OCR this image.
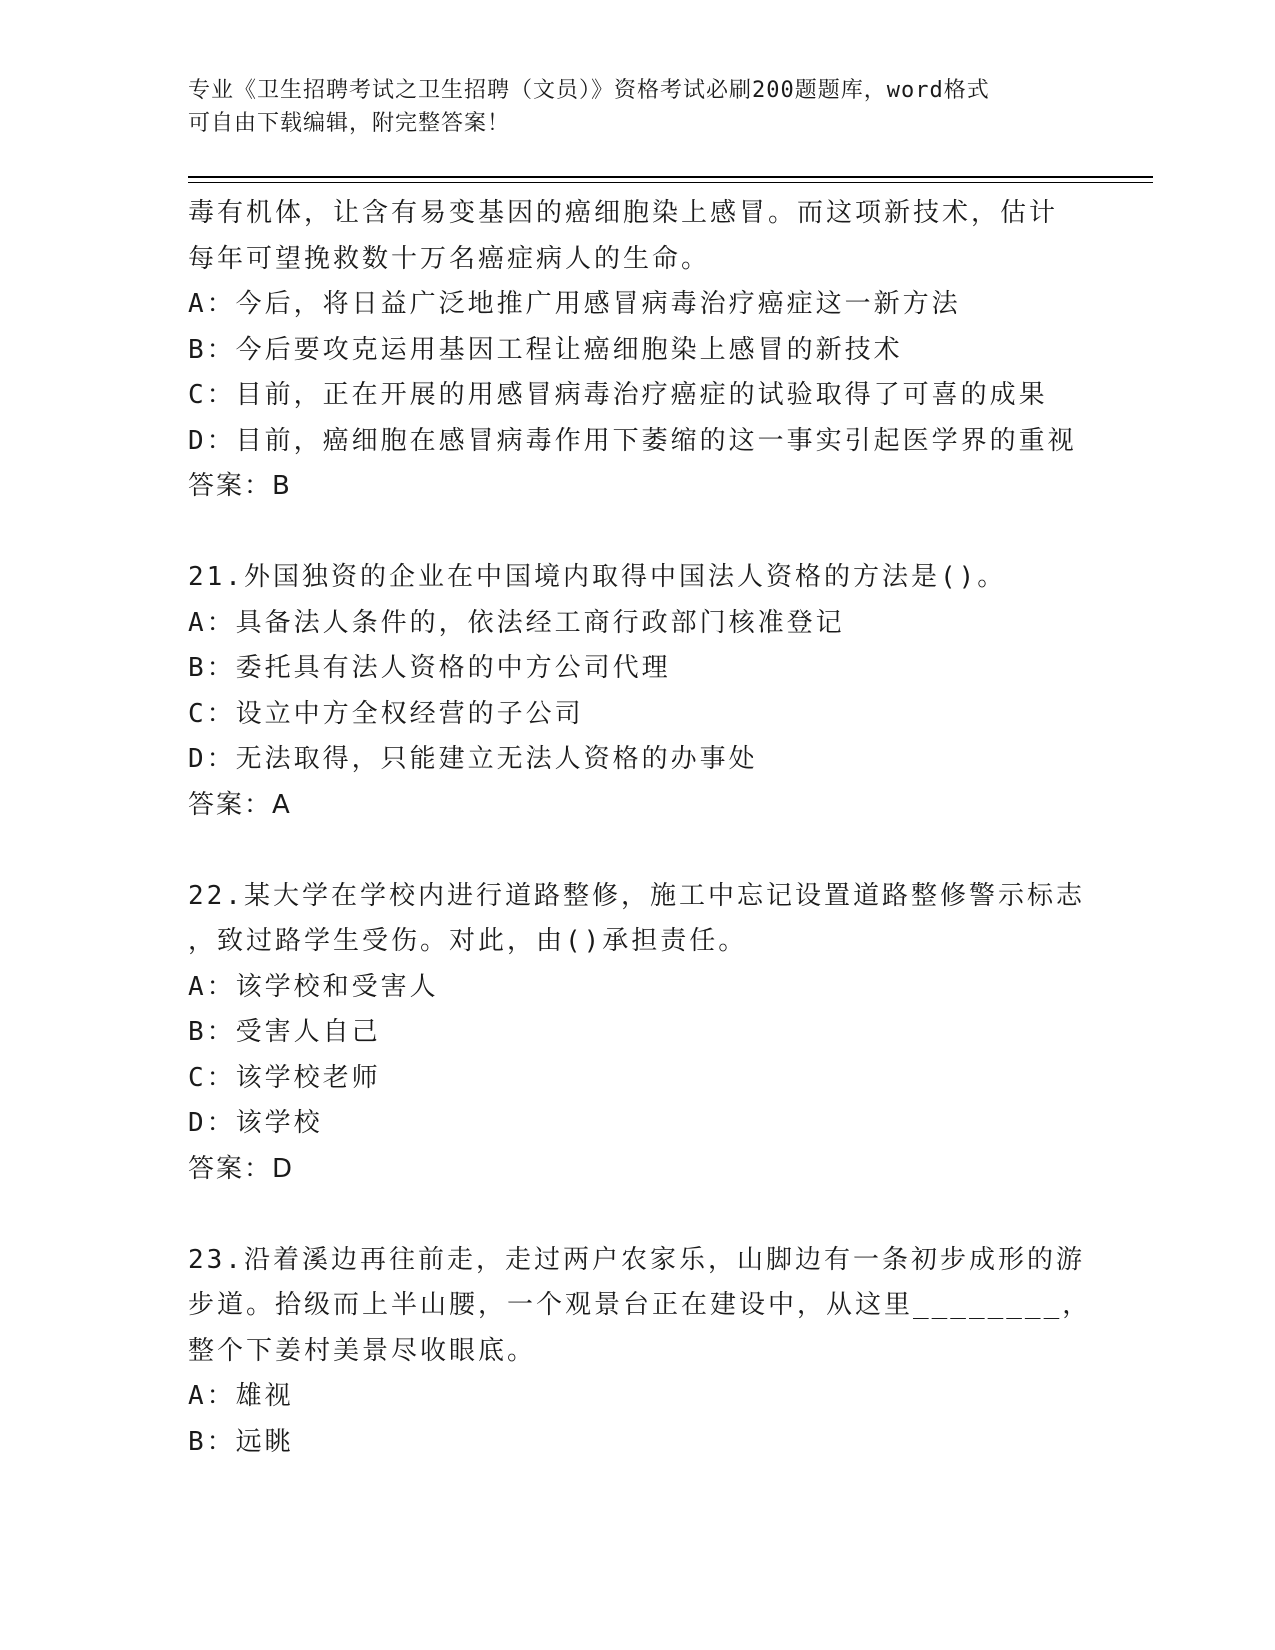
专业《卫生招聘考试之卫生招聘（文员）》资格考试必刷200题题库，word格式
可自由下载编辑，附完整答案！
毒有机体，让含有易变基因的癌细胞染上感冒。而这项新技术，估计
每年可望挽救数十万名癌症病人的生命。
A：今后，将日益广泛地推广用感冒病毒治疗癌症这一新方法
B：今后要攻克运用基因工程让癌细胞染上感冒的新技术
C：目前，正在开展的用感冒病毒治疗癌症的试验取得了可喜的成果
D：目前，癌细胞在感冒病毒作用下萎缩的这一事实引起医学界的重视
答案：B
21.外国独资的企业在中国境内取得中国法人资格的方法是()。
A：具备法人条件的，依法经工商行政部门核准登记
B：委托具有法人资格的中方公司代理
C：设立中方全权经营的子公司
D：无法取得，只能建立无法人资格的办事处
答案：A
22.某大学在学校内进行道路整修，施工中忘记设置道路整修警示标志
，致过路学生受伤。对此，由()承担责任。
A：该学校和受害人
B：受害人自己
C：该学校老师
D：该学校
答案：D
23.沿着溪边再往前走，走过两户农家乐，山脚边有一条初步成形的游
步道。拾级而上半山腰，一个观景台正在建设中，从这里________，
整个下姜村美景尽收眼底。
A：雄视
B：远眺
